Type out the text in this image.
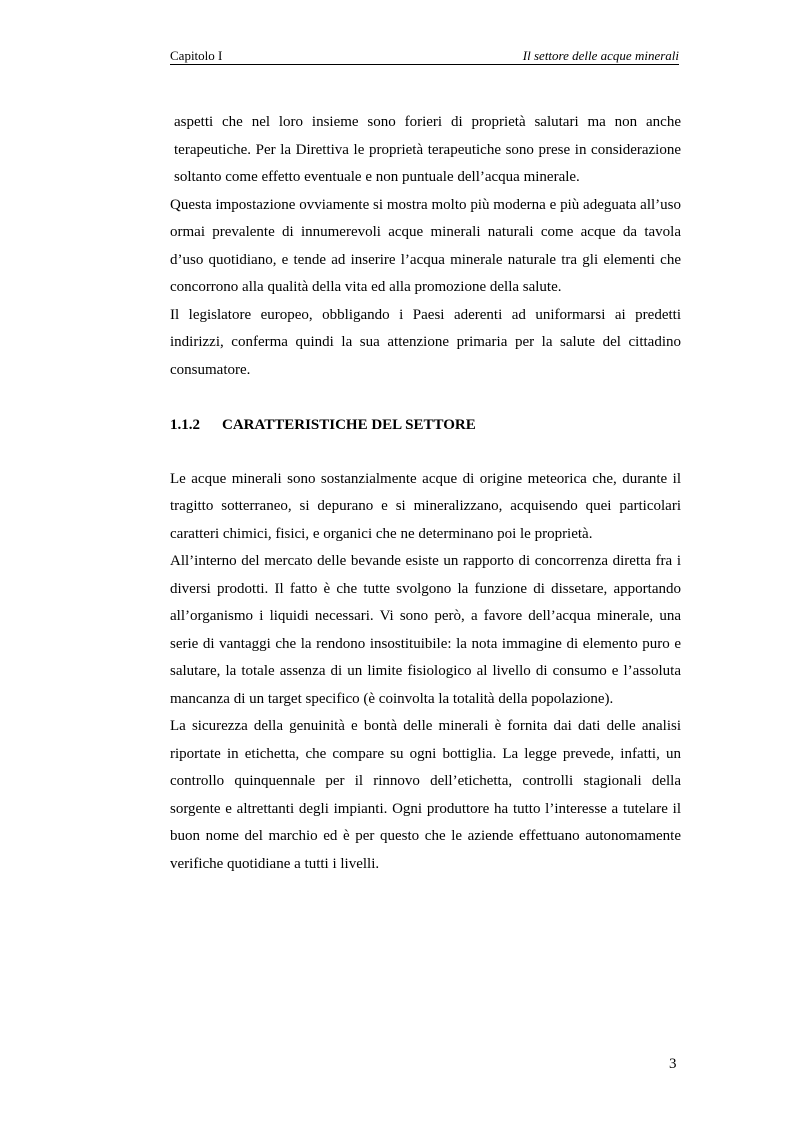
Capitolo I	Il settore delle acque minerali

aspetti che nel loro insieme sono forieri di proprietà salutari ma non anche terapeutiche. Per la Direttiva le proprietà terapeutiche sono prese in considerazione soltanto come effetto eventuale e non puntuale dell’acqua minerale.

Questa impostazione ovviamente si mostra molto più moderna e più adeguata all’uso ormai prevalente di innumerevoli acque minerali naturali come acque da tavola d’uso quotidiano, e tende ad inserire l’acqua minerale naturale tra gli elementi che concorrono alla qualità della vita ed alla promozione della salute.

Il legislatore europeo, obbligando i Paesi aderenti ad uniformarsi ai predetti indirizzi, conferma quindi la sua attenzione primaria per la salute del cittadino consumatore.

1.1.2 CARATTERISTICHE DEL SETTORE

Le acque minerali sono sostanzialmente acque di origine meteorica che, durante il tragitto sotterraneo, si depurano e si mineralizzano, acquisendo quei particolari caratteri chimici, fisici, e organici che ne determinano poi le proprietà.

All’interno del mercato delle bevande esiste un rapporto di concorrenza diretta fra i diversi prodotti. Il fatto è che tutte svolgono la funzione di dissetare, apportando all’organismo i liquidi necessari. Vi sono però, a favore dell’acqua minerale, una serie di vantaggi che la rendono insostituibile: la nota immagine di elemento puro e salutare, la totale assenza di un limite fisiologico al livello di consumo e l’assoluta mancanza di un target specifico (è coinvolta la totalità della popolazione).

La sicurezza della genuinità e bontà delle minerali è fornita dai dati delle analisi riportate in etichetta, che compare su ogni bottiglia. La legge prevede, infatti, un controllo quinquennale per il rinnovo dell’etichetta, controlli stagionali della sorgente e altrettanti degli impianti. Ogni produttore ha tutto l’interesse a tutelare il buon nome del marchio ed è per questo che le aziende effettuano autonomamente verifiche quotidiane a tutti i livelli.

3
